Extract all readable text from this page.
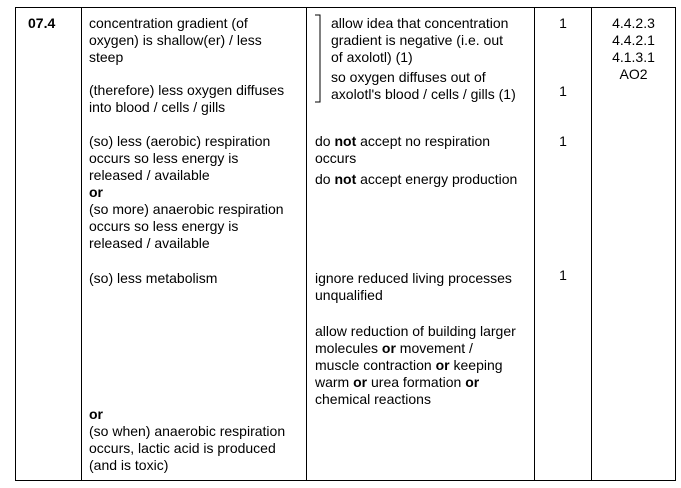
07.4 concentration gradient (of
oxygen) is shallow(er) / less
steep
(therefore) less oxygen diffuses
into blood / cells / gills
(so) less (aerobic) respiration
occurs so less energy is
released / available
or
(so more) anaerobic respiration
occurs so less energy is
released / available
(so) less metabolism
or
(so when) anaerobic respiration
occurs, lactic acid is produced
(and is toxic)
allow idea that concentration
gradient is negative (i.e. out
of axolotl) (1)
so oxygen diffuses out of
axolotl's blood / cells / gills (1)
do not accept no respiration
occurs
do not accept energy production
ignore reduced living processes
unqualified
allow reduction of building larger
molecules or movement /
muscle contraction or keeping
warm or urea formation or
chemical reactions
1
1
1
1
4.4.2.3
4.4.2.1
4.1.3.1
AO2
